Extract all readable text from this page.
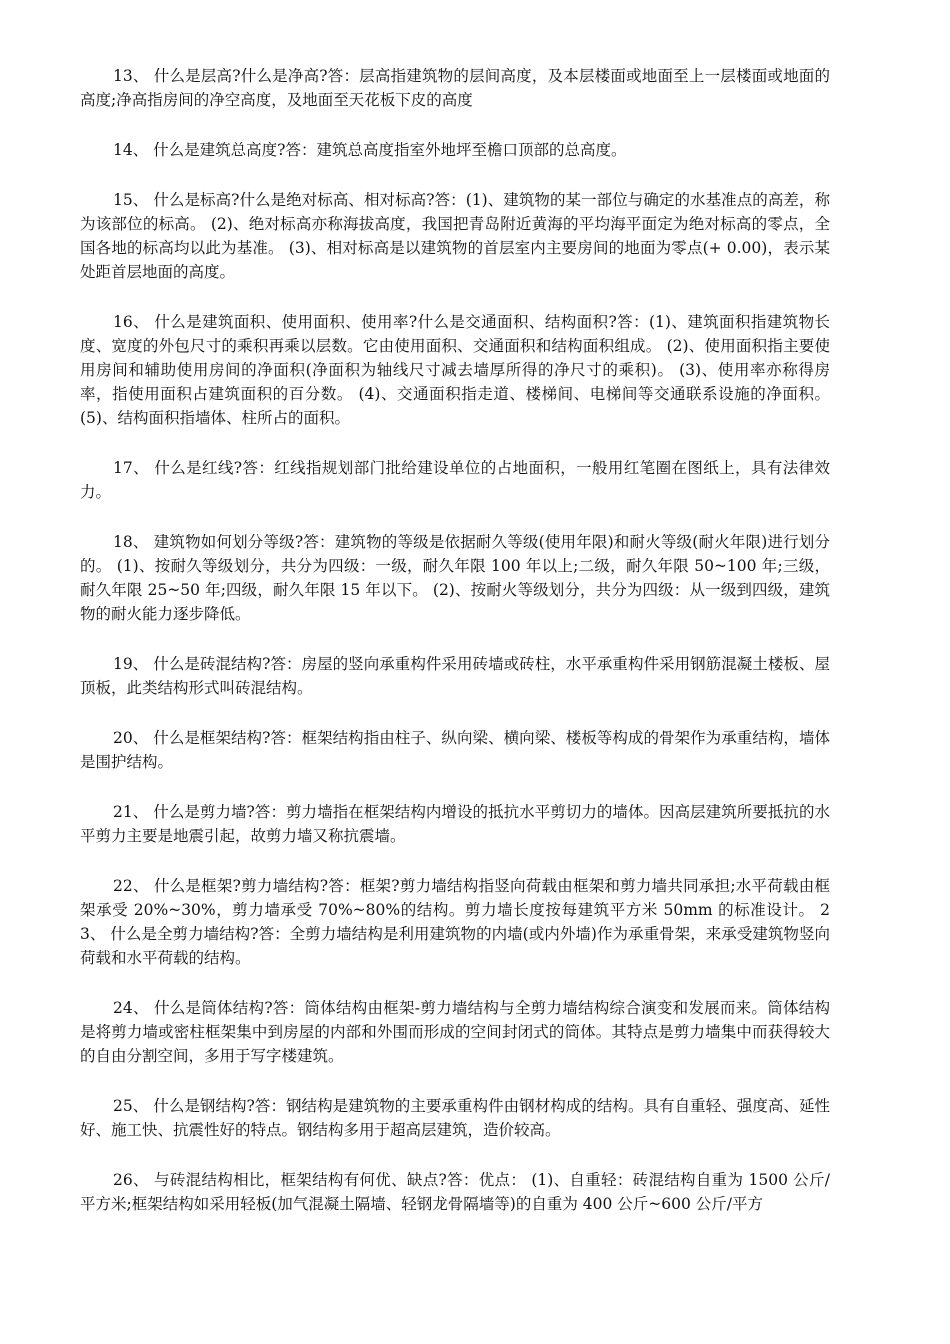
13、 什么是层高?什么是净高?答：层高指建筑物的层间高度，及本层楼面或地面至上一层楼面或地面的高度;净高指房间的净空高度，及地面至天花板下皮的高度

14、 什么是建筑总高度?答：建筑总高度指室外地坪至檐口顶部的总高度。

15、 什么是标高?什么是绝对标高、相对标高?答：(1)、建筑物的某一部位与确定的水基准点的高差，称为该部位的标高。 (2)、绝对标高亦称海拔高度，我国把青岛附近黄海的平均海平面定为绝对标高的零点，全国各地的标高均以此为基准。 (3)、相对标高是以建筑物的首层室内主要房间的地面为零点(+ 0.00)，表示某处距首层地面的高度。

16、 什么是建筑面积、使用面积、使用率?什么是交通面积、结构面积?答：(1)、建筑面积指建筑物长度、宽度的外包尺寸的乘积再乘以层数。它由使用面积、交通面积和结构面积组成。 (2)、使用面积指主要使用房间和辅助使用房间的净面积(净面积为轴线尺寸减去墙厚所得的净尺寸的乘积)。 (3)、使用率亦称得房率，指使用面积占建筑面积的百分数。 (4)、交通面积指走道、楼梯间、电梯间等交通联系设施的净面积。 (5)、结构面积指墙体、柱所占的面积。

17、 什么是红线?答：红线指规划部门批给建设单位的占地面积，一般用红笔圈在图纸上，具有法律效力。

18、 建筑物如何划分等级?答：建筑物的等级是依据耐久等级(使用年限)和耐火等级(耐火年限)进行划分的。 (1)、按耐久等级划分，共分为四级：一级，耐久年限 100 年以上;二级，耐久年限 50~100 年;三级，耐久年限 25~50 年;四级，耐久年限 15 年以下。 (2)、按耐火等级划分，共分为四级：从一级到四级，建筑物的耐火能力逐步降低。

19、 什么是砖混结构?答：房屋的竖向承重构件采用砖墙或砖柱，水平承重构件采用钢筋混凝土楼板、屋顶板，此类结构形式叫砖混结构。

20、 什么是框架结构?答：框架结构指由柱子、纵向梁、横向梁、楼板等构成的骨架作为承重结构，墙体是围护结构。

21、 什么是剪力墙?答：剪力墙指在框架结构内增设的抵抗水平剪切力的墙体。因高层建筑所要抵抗的水平剪力主要是地震引起，故剪力墙又称抗震墙。

22、 什么是框架?剪力墙结构?答：框架?剪力墙结构指竖向荷载由框架和剪力墙共同承担;水平荷载由框架承受 20%~30%，剪力墙承受 70%~80%的结构。剪力墙长度按每建筑平方米 50mm 的标准设计。 23、 什么是全剪力墙结构?答：全剪力墙结构是利用建筑物的内墙(或内外墙)作为承重骨架，来承受建筑物竖向荷载和水平荷载的结构。

24、 什么是筒体结构?答：筒体结构由框架-剪力墙结构与全剪力墙结构综合演变和发展而来。筒体结构是将剪力墙或密柱框架集中到房屋的内部和外围而形成的空间封闭式的筒体。其特点是剪力墙集中而获得较大的自由分割空间，多用于写字楼建筑。

25、 什么是钢结构?答：钢结构是建筑物的主要承重构件由钢材构成的结构。具有自重轻、强度高、延性好、施工快、抗震性好的特点。钢结构多用于超高层建筑，造价较高。

26、 与砖混结构相比，框架结构有何优、缺点?答：优点： (1)、自重轻：砖混结构自重为 1500 公斤/平方米;框架结构如采用轻板(加气混凝土隔墙、轻钢龙骨隔墙等)的自重为 400 公斤~600 公斤/平方
